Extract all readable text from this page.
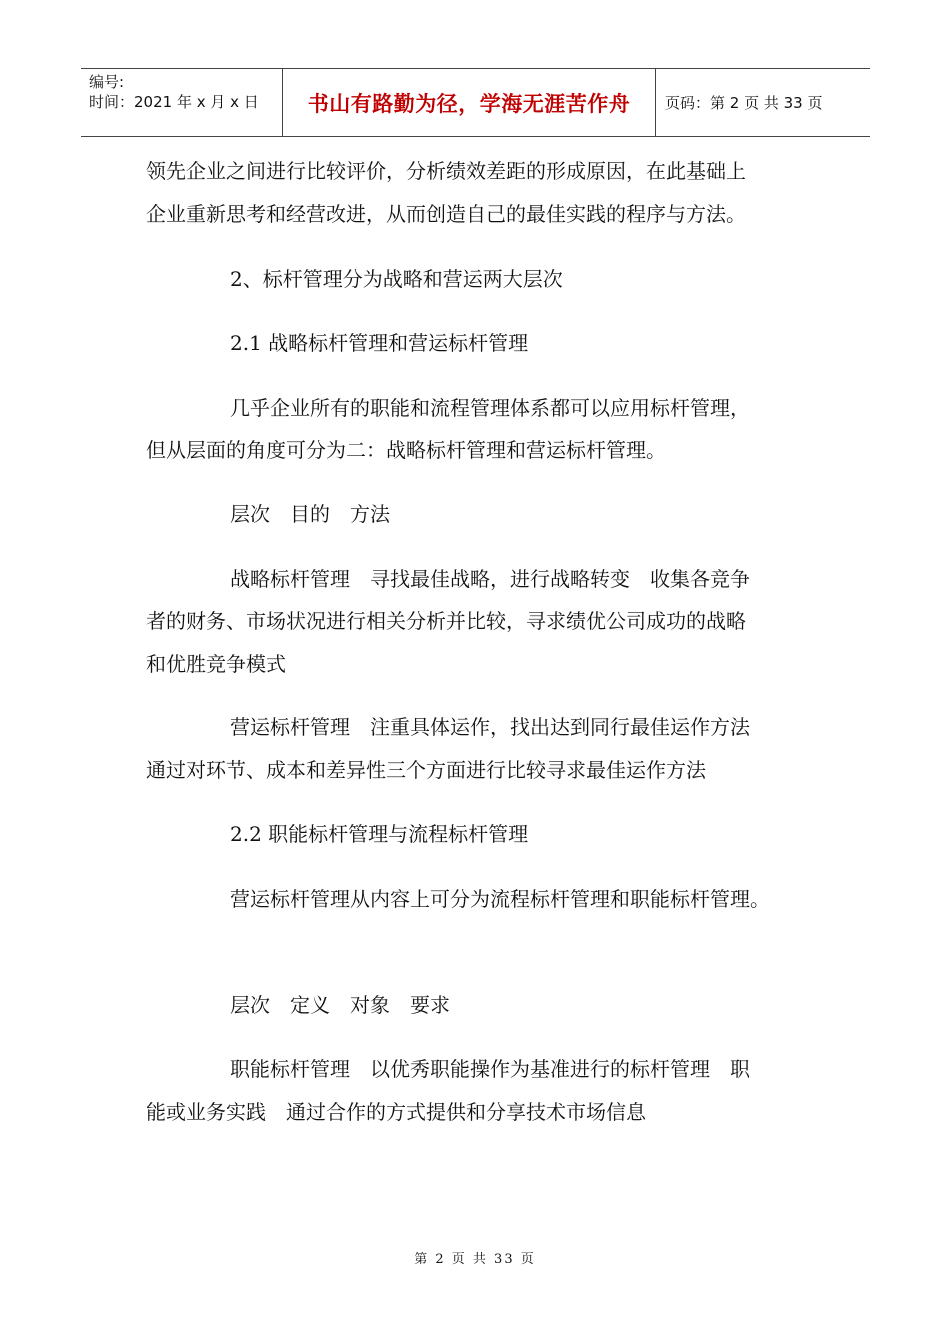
编号:
时间：2021 年 x 月 x 日	书山有路勤为径，学海无涯苦作舟	页码：第 2 页 共 33 页
领先企业之间进行比较评价，分析绩效差距的形成原因，在此基础上
企业重新思考和经营改进，从而创造自己的最佳实践的程序与方法。
2、标杆管理分为战略和营运两大层次
2.1 战略标杆管理和营运标杆管理
几乎企业所有的职能和流程管理体系都可以应用标杆管理，
但从层面的角度可分为二：战略标杆管理和营运标杆管理。
层次　目的　方法
战略标杆管理　寻找最佳战略，进行战略转变　收集各竞争
者的财务、市场状况进行相关分析并比较，寻求绩优公司成功的战略
和优胜竞争模式
营运标杆管理　注重具体运作，找出达到同行最佳运作方法
通过对环节、成本和差异性三个方面进行比较寻求最佳运作方法
2.2 职能标杆管理与流程标杆管理
营运标杆管理从内容上可分为流程标杆管理和职能标杆管理。
层次　定义　对象　要求
职能标杆管理　以优秀职能操作为基准进行的标杆管理　职
能或业务实践　通过合作的方式提供和分享技术市场信息
第 2 页 共 33 页
